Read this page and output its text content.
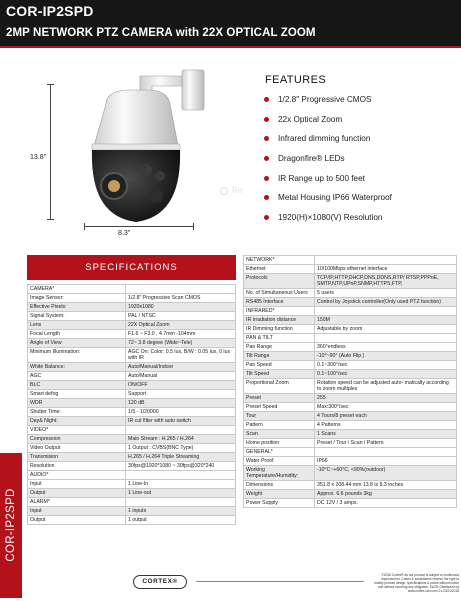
COR-IP2SPD
2MP NETWORK PTZ CAMERA with 22X OPTICAL ZOOM
13.8"
8.3"
Re
FEATURES
1/2.8" Progressive CMOS
22x Optical Zoom
Infrared dimming function
Dragonfire® LEDs
IR Range up to 500 feet
Metal Housing IP66 Waterproof
1920(H)×1080(V) Resolution
COR-IP2SPD
SPECIFICATIONS
CAMERA*	
Image Sensor:	1/2.8" Progressive Scan CMOS
Effective Pixels:	1920x1080
Signal System:	PAL / NTSC
Lens	22X Optical Zoom
Focal Length	F1.6 ~ F3.0 , 4.7mm -104mm
Angle of View	72~ 3.8 degree (Wide~Tele)
Minimum Illumination:	AGC On: Color: 0.5 lux, B/W : 0.05 lux, 0 lux with IR
White Balance:	Auto/Manual/Indoor
AGC	Auto/Manual
BLC	ON/OFF
Smart defog	Support
WDR	120 dB
Shutter Time:	1/5 - 1/20000
Day& Night:	IR cut filter with auto switch
VIDEO*	
Compression	Main Stream : H.265 / H.264
Video Output	1 Output : CVBS(BNC Type)
Transmision	H.265 / H.264 Triple Streaming
Resolution	30fps@1920*1080 ~ 30fps@320*240
AUDIO*	
Input	1 Line-In
Output	1 Line-out
ALARM*	
Input	1 inputs
Output	1 output
NETWORK*	
Ethernet	10/100Mbps ethernet interface
Protocols	TCP/IP,HTTP,DHCP,DNS,DDNS,RTP/ RTSP,PPPoE, SMTP,NTP,UPnP,SNMP,HTTPS,FTP,
No. of Simultaneous Users	5 users
RS485 Interface	Control by Joystick controller(Only used PTZ function)
INFRARED*	
IR irradiation distance	150M
IR Dimming function	Adjustable by zoom
PAN & TILT	
Pan Range	360°endless
Tilt Range	-10°~90° (Auto Flip )
Pan Speed	0.1~300°/sec
Tilt Speed	0.1~100°/sec
Proportional Zoom	Rotation speed can be adjusted auto- matically according to zoom multiples
Preset	255
Preset Speed	Max:300°/sec
Tour	4 Tours/8 preset each
Pattern	4 Patterns
Scan	1 Scans
Home position	Preset / Tour / Scan / Pattern
GENERAL*	
Water Proof	IP66
Working Temperature/Humidity:	-10°C~+60°C, <90%(outdoor)
Dimensions	351.8 x 208.44 mm 13.8 is 8.3 inches
Weight	Approx. 6.6 pounds 3kg
Power Supply	DC 12V / 3 amps.
CORTEX®
©2018 Cortex® As our product is subject to continuous improvement, Cortex & subsidiaries reserve the right to modify product design, specifications & prices without notice and without incurring any obligation. E&OE Distributed by www.cortex-cctv.com 01-03/21/2018
